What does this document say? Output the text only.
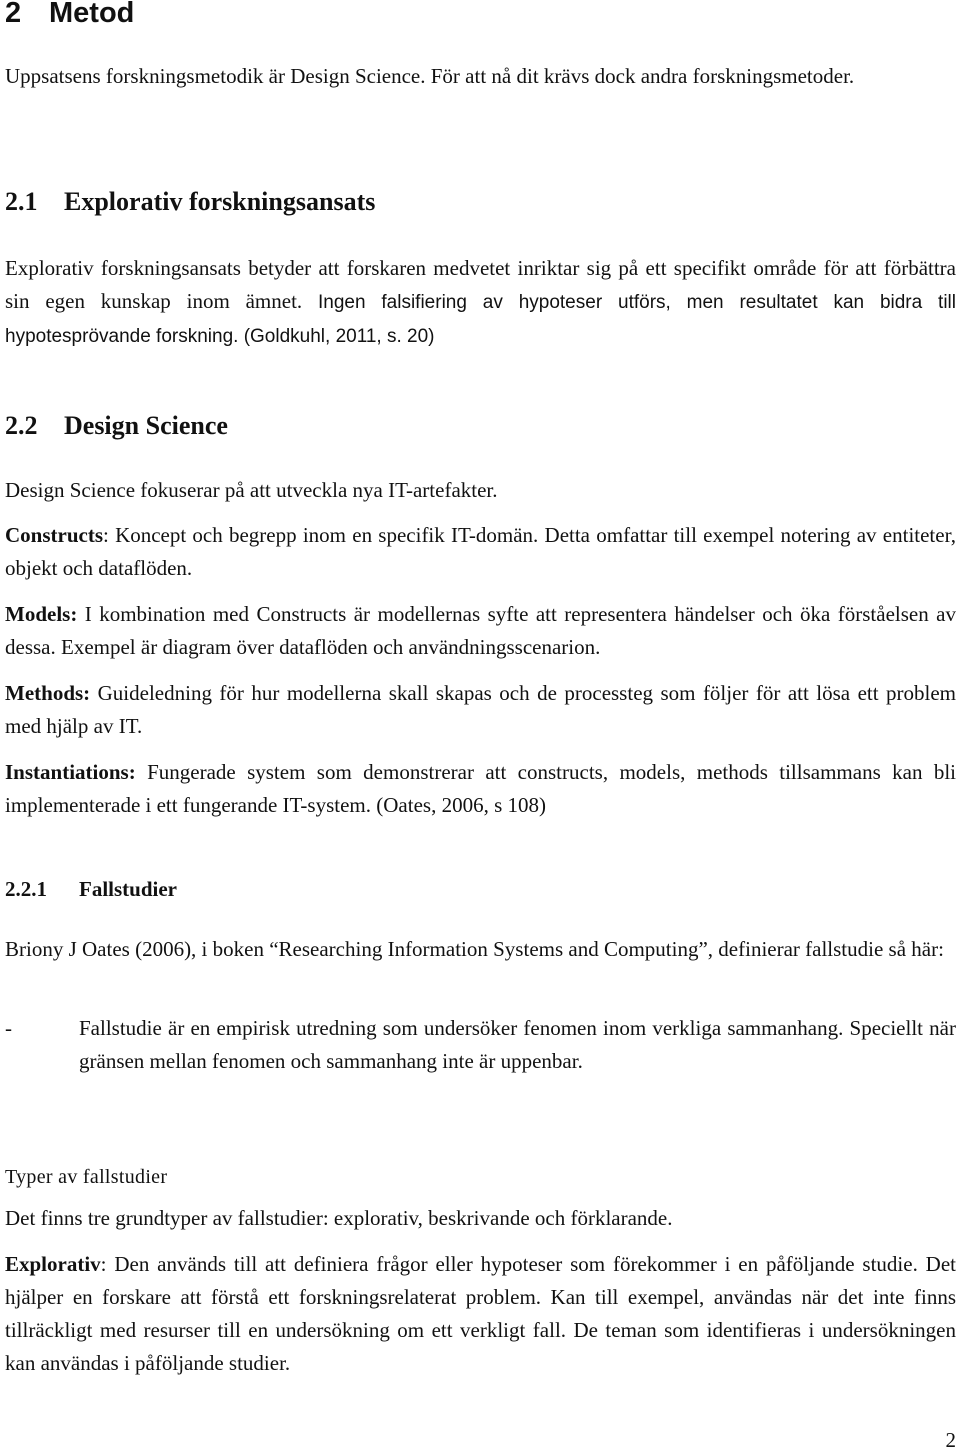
2 Metod

Uppsatsens forskningsmetodik är Design Science. För att nå dit krävs dock andra forskningsmetoder.

2.1 Explorativ forskningsansats

Explorativ forskningsansats betyder att forskaren medvetet inriktar sig på ett specifikt område för att förbättra sin egen kunskap inom ämnet. Ingen falsifiering av hypoteser utförs, men resultatet kan bidra till hypotesprövande forskning. (Goldkuhl, 2011, s. 20)

2.2 Design Science

Design Science fokuserar på att utveckla nya IT-artefakter.

Constructs: Koncept och begrepp inom en specifik IT-domän. Detta omfattar till exempel notering av entiteter, objekt och dataflöden.

Models: I kombination med Constructs är modellernas syfte att representera händelser och öka förståelsen av dessa. Exempel är diagram över dataflöden och användningsscenarion.

Methods: Guideledning för hur modellerna skall skapas och de processteg som följer för att lösa ett problem med hjälp av IT.

Instantiations: Fungerade system som demonstrerar att constructs, models, methods tillsammans kan bli implementerade i ett fungerande IT-system. (Oates, 2006, s 108)

2.2.1 Fallstudier

Briony J Oates (2006), i boken “Researching Information Systems and Computing”, definierar fallstudie så här:

-	Fallstudie är en empirisk utredning som undersöker fenomen inom verkliga sammanhang. Speciellt när gränsen mellan fenomen och sammanhang inte är uppenbar.
Typer av fallstudier

Det finns tre grundtyper av fallstudier: explorativ, beskrivande och förklarande.

Explorativ: Den används till att definiera frågor eller hypoteser som förekommer i en påföljande studie. Det hjälper en forskare att förstå ett forskningsrelaterat problem. Kan till exempel, användas när det inte finns tillräckligt med resurser till en undersökning om ett verkligt fall. De teman som identifieras i undersökningen kan användas i påföljande studier.

2
